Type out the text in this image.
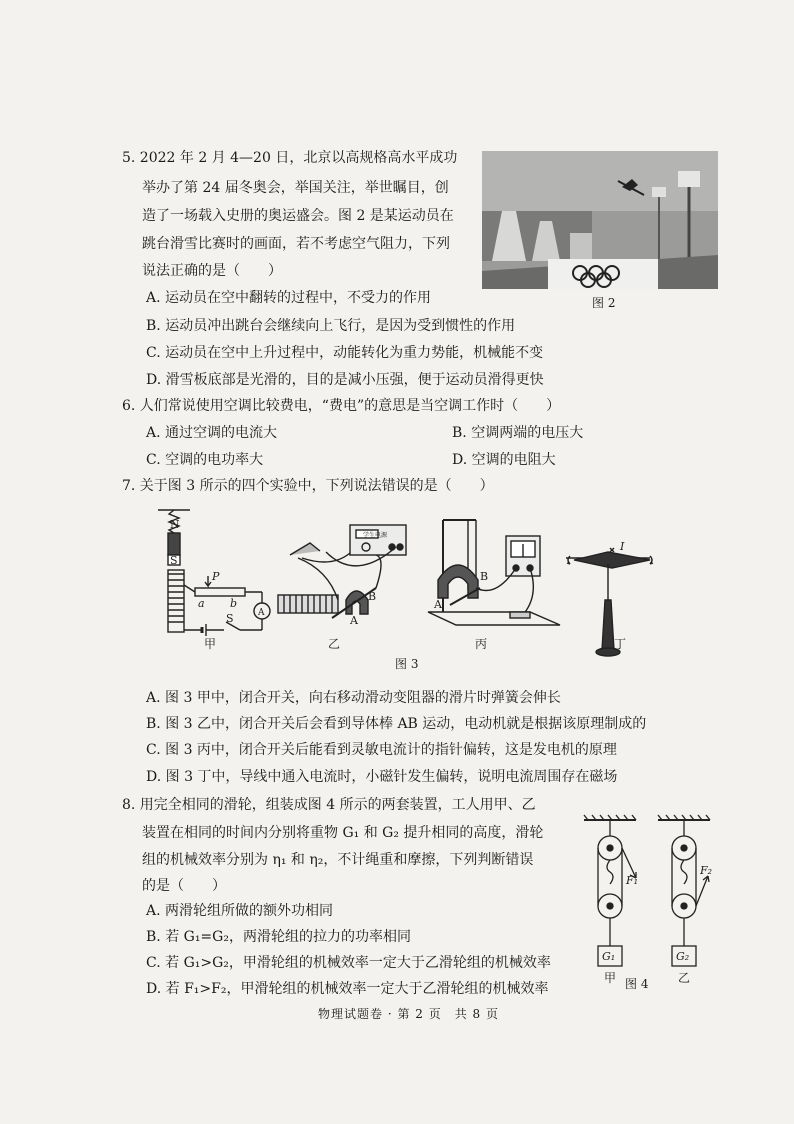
5. 2022 年 2 月 4—20 日，北京以高规格高水平成功
举办了第 24 届冬奥会，举国关注，举世瞩目，创
造了一场载入史册的奥运盛会。图 2 是某运动员在
跳台滑雪比赛时的画面，若不考虑空气阻力，下列
说法正确的是（　　）
A. 运动员在空中翻转的过程中，不受力的作用
B. 运动员冲出跳台会继续向上飞行，是因为受到惯性的作用
C. 运动员在空中上升过程中，动能转化为重力势能，机械能不变
D. 滑雪板底部是光滑的，目的是减小压强，便于运动员滑得更快
图 2
6. 人们常说使用空调比较费电，“费电”的意思是当空调工作时（　　）
A. 通过空调的电流大	B. 空调两端的电压大
C. 空调的电功率大	D. 空调的电阻大
7. 关于图 3 所示的四个实验中，下列说法错误的是（　　）
N
S
P
a b
A
S
学生电源
B
A
B
A
I
甲	乙	丙	丁
图 3
A. 图 3 甲中，闭合开关，向右移动滑动变阻器的滑片时弹簧会伸长
B. 图 3 乙中，闭合开关后会看到导体棒 AB 运动，电动机就是根据该原理制成的
C. 图 3 丙中，闭合开关后能看到灵敏电流计的指针偏转，这是发电机的原理
D. 图 3 丁中，导线中通入电流时，小磁针发生偏转，说明电流周围存在磁场
8. 用完全相同的滑轮，组装成图 4 所示的两套装置，工人用甲、乙
装置在相同的时间内分别将重物 G₁ 和 G₂ 提升相同的高度，滑轮
组的机械效率分别为 η₁ 和 η₂，不计绳重和摩擦，下列判断错误
的是（　　）
A. 两滑轮组所做的额外功相同
B. 若 G₁=G₂，两滑轮组的拉力的功率相同
C. 若 G₁>G₂，甲滑轮组的机械效率一定大于乙滑轮组的机械效率
D. 若 F₁>F₂，甲滑轮组的机械效率一定大于乙滑轮组的机械效率
F₁
F₂
G₁	G₂
甲	乙
图 4
物理试题卷 · 第 2 页　共 8 页
